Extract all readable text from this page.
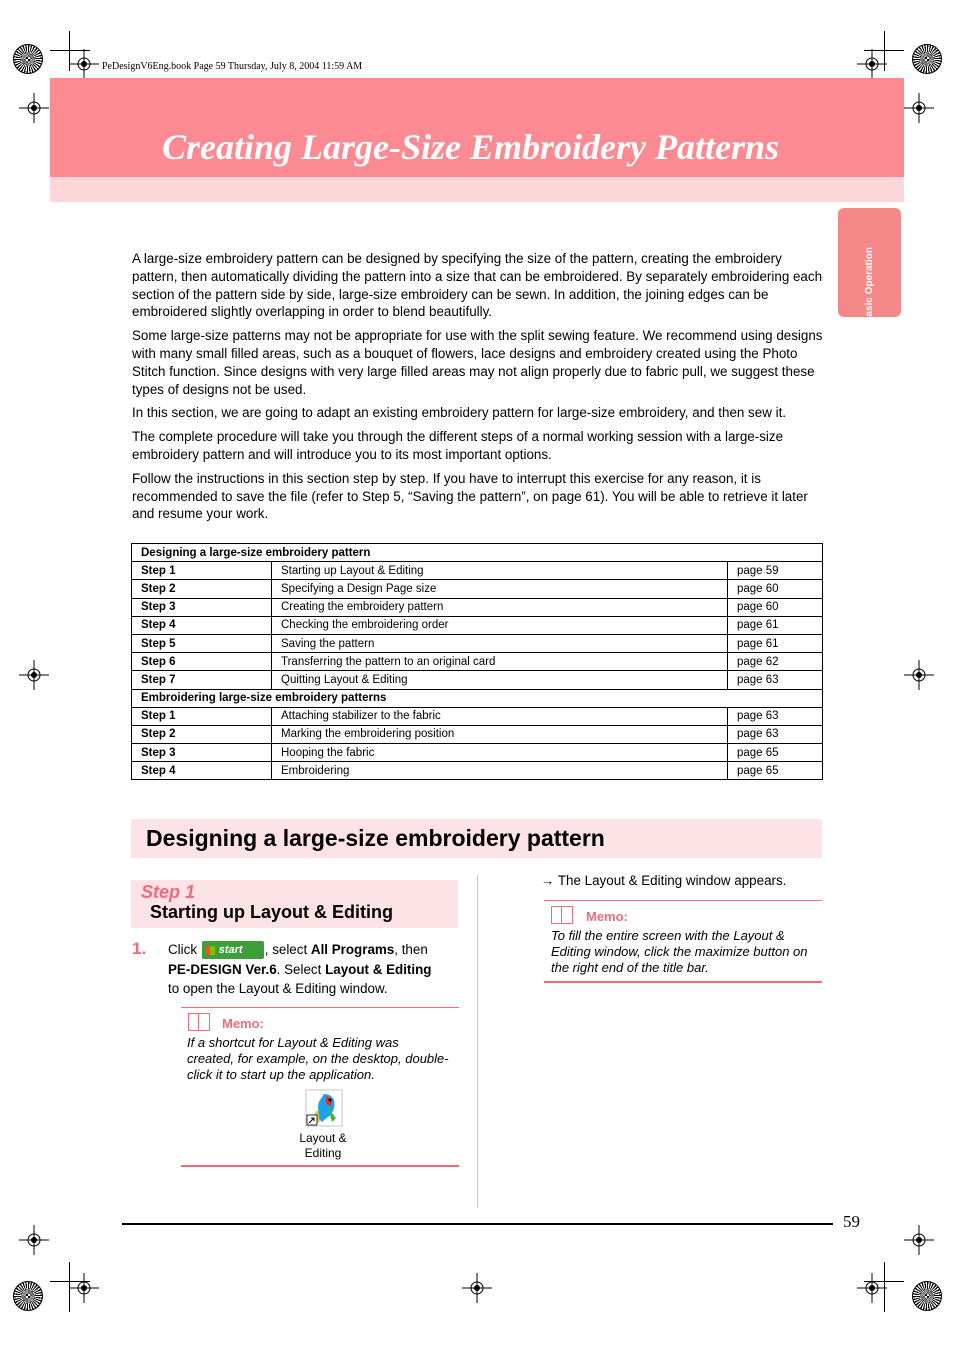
PeDesignV6Eng.book Page 59 Thursday, July 8, 2004 11:59 AM
Creating Large-Size Embroidery Patterns
Basic Operation

A large-size embroidery pattern can be designed by specifying the size of the pattern, creating the embroidery pattern, then automatically dividing the pattern into a size that can be embroidered. By separately embroidering each section of the pattern side by side, large-size embroidery can be sewn. In addition, the joining edges can be embroidered slightly overlapping in order to blend beautifully.

Some large-size patterns may not be appropriate for use with the split sewing feature. We recommend using designs with many small filled areas, such as a bouquet of flowers, lace designs and embroidery created using the Photo Stitch function. Since designs with very large filled areas may not align properly due to fabric pull, we suggest these types of designs not be used.

In this section, we are going to adapt an existing embroidery pattern for large-size embroidery, and then sew it.

The complete procedure will take you through the different steps of a normal working session with a large-size embroidery pattern and will introduce you to its most important options.

Follow the instructions in this section step by step. If you have to interrupt this exercise for any reason, it is recommended to save the file (refer to Step 5, “Saving the pattern”, on page 61). You will be able to retrieve it later and resume your work.

Designing a large-size embroidery pattern		
Step 1	Starting up Layout & Editing	page 59
Step 2	Specifying a Design Page size	page 60
Step 3	Creating the embroidery pattern	page 60
Step 4	Checking the embroidering order	page 61
Step 5	Saving the pattern	page 61
Step 6	Transferring the pattern to an original card	page 62
Step 7	Quitting Layout & Editing	page 63
Embroidering large-size embroidery patterns		
Step 1	Attaching stabilizer to the fabric	page 63
Step 2	Marking the embroidering position	page 63
Step 3	Hooping the fabric	page 65
Step 4	Embroidering	page 65
Designing a large-size embroidery pattern
Step 1
Starting up Layout & Editing
1. Click start , select All Programs, then
PE-DESIGN Ver.6. Select Layout & Editing
to open the Layout & Editing window.
Memo:
If a shortcut for Layout & Editing was created, for example, on the desktop, double-click it to start up the application.
Layout &
Editing
→ The Layout & Editing window appears.
Memo:
To fill the entire screen with the Layout & Editing window, click the maximize button on the right end of the title bar.
59
